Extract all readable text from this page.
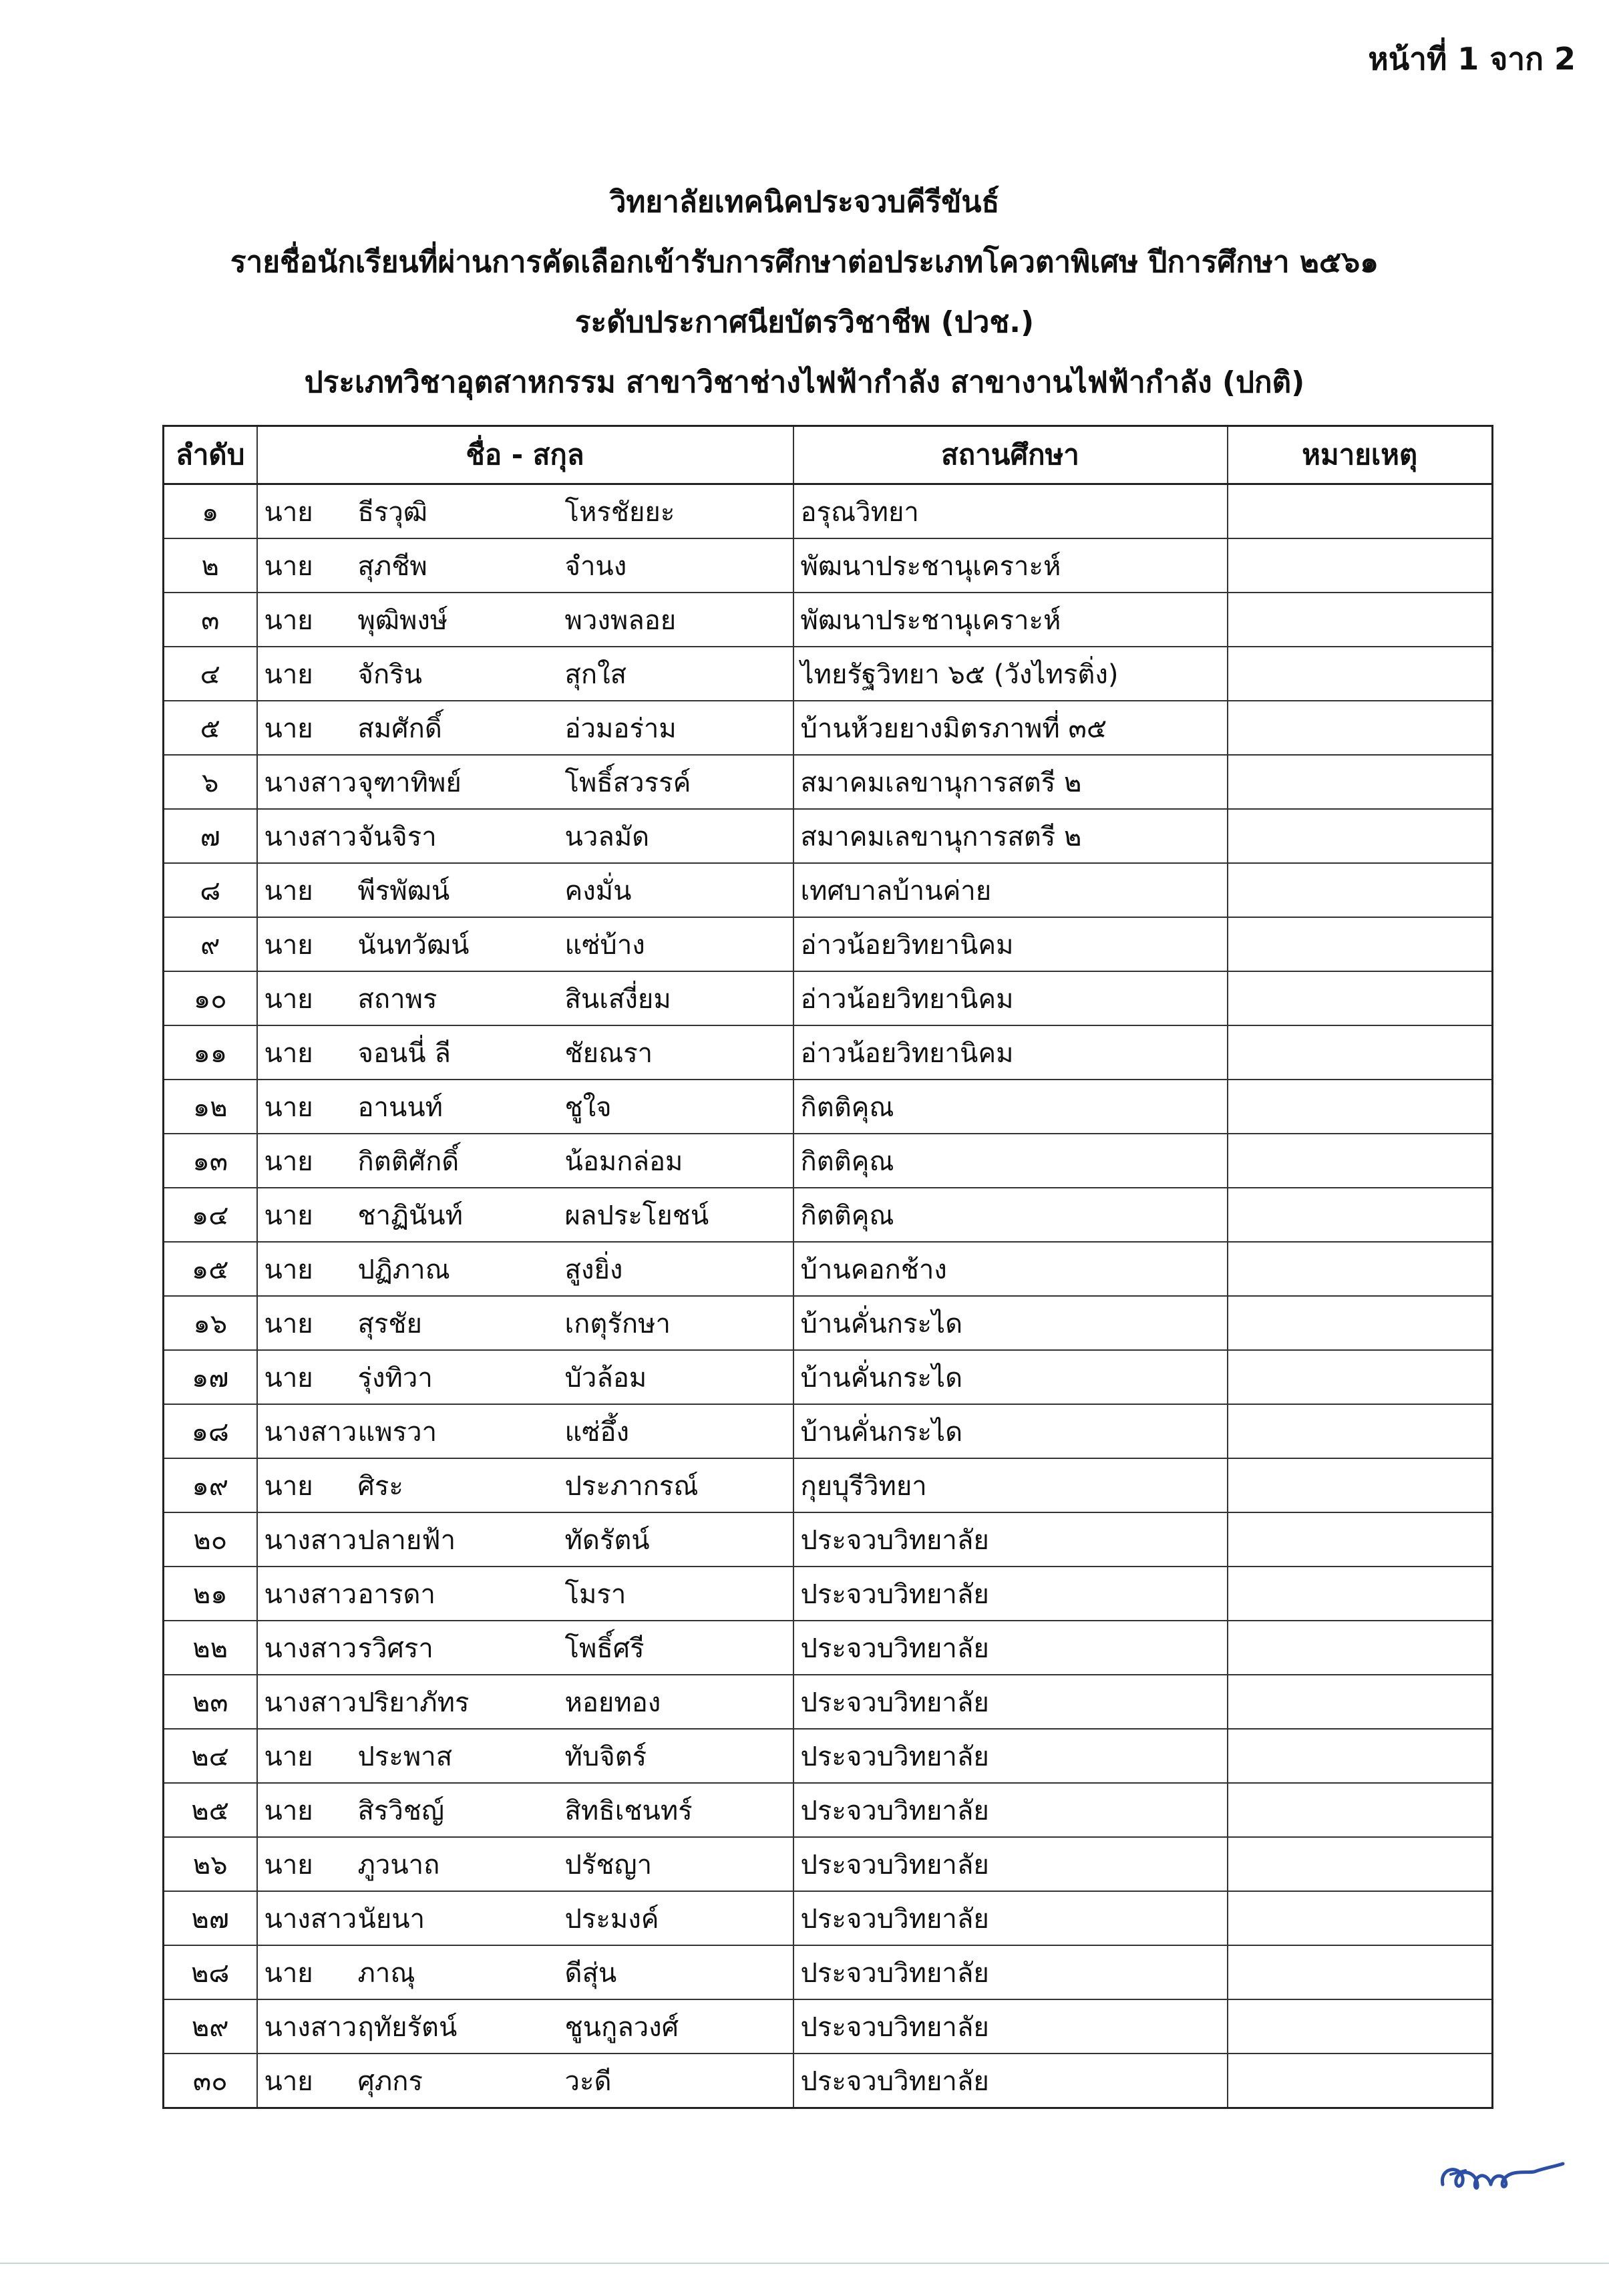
หน้าที่ 1 จาก 2
วิทยาลัยเทคนิคประจวบคีรีขันธ์
รายชื่อนักเรียนที่ผ่านการคัดเลือกเข้ารับการศึกษาต่อประเภทโควตาพิเศษ ปีการศึกษา ๒๕๖๑
ระดับประกาศนียบัตรวิชาชีพ (ปวช.)
ประเภทวิชาอุตสาหกรรม สาขาวิชาช่างไฟฟ้ากำลัง สาขางานไฟฟ้ากำลัง (ปกติ)
ลำดับ	ชื่อ - สกุล	สถานศึกษา	หมายเหตุ
๑	นาย ธีรวุฒิ โหรชัยยะ	อรุณวิทยา	
๒	นาย สุภชีพ จำนง	พัฒนาประชานุเคราะห์	
๓	นาย พุฒิพงษ์ พวงพลอย	พัฒนาประชานุเคราะห์	
๔	นาย จักริน สุกใส	ไทยรัฐวิทยา ๖๕ (วังไทรติ่ง)	
๕	นาย สมศักดิ์ อ่วมอร่าม	บ้านห้วยยางมิตรภาพที่ ๓๕	
๖	นางสาว จุฑาทิพย์ โพธิ์สวรรค์	สมาคมเลขานุการสตรี ๒	
๗	นางสาว จันจิรา นวลมัด	สมาคมเลขานุการสตรี ๒	
๘	นาย พีรพัฒน์ คงมั่น	เทศบาลบ้านค่าย	
๙	นาย นันทวัฒน์ แซ่บ้าง	อ่าวน้อยวิทยานิคม	
๑๐	นาย สถาพร สินเสงี่ยม	อ่าวน้อยวิทยานิคม	
๑๑	นาย จอนนี่ ลี ชัยณรา	อ่าวน้อยวิทยานิคม	
๑๒	นาย อานนท์ ชูใจ	กิตติคุณ	
๑๓	นาย กิตติศักดิ์ น้อมกล่อม	กิตติคุณ	
๑๔	นาย ชาฏินันท์ ผลประโยชน์	กิตติคุณ	
๑๕	นาย ปฏิภาณ สูงยิ่ง	บ้านคอกช้าง	
๑๖	นาย สุรชัย เกตุรักษา	บ้านคั่นกระได	
๑๗	นาย รุ่งทิวา บัวล้อม	บ้านคั่นกระได	
๑๘	นางสาว แพรวา แซ่อึ้ง	บ้านคั่นกระได	
๑๙	นาย ศิระ ประภากรณ์	กุยบุรีวิทยา	
๒๐	นางสาว ปลายฟ้า ทัดรัตน์	ประจวบวิทยาลัย	
๒๑	นางสาว อารดา โมรา	ประจวบวิทยาลัย	
๒๒	นางสาว รวิศรา โพธิ์ศรี	ประจวบวิทยาลัย	
๒๓	นางสาว ปริยาภัทร หอยทอง	ประจวบวิทยาลัย	
๒๔	นาย ประพาส ทับจิตร์	ประจวบวิทยาลัย	
๒๕	นาย สิรวิชญ์ สิทธิเชนทร์	ประจวบวิทยาลัย	
๒๖	นาย ภูวนาถ ปรัชญา	ประจวบวิทยาลัย	
๒๗	นางสาว นัยนา ประมงค์	ประจวบวิทยาลัย	
๒๘	นาย ภาณุ ดีสุ่น	ประจวบวิทยาลัย	
๒๙	นางสาว ฤทัยรัตน์ ชูนกูลวงศ์	ประจวบวิทยาลัย	
๓๐	นาย ศุภกร วะดี	ประจวบวิทยาลัย	
